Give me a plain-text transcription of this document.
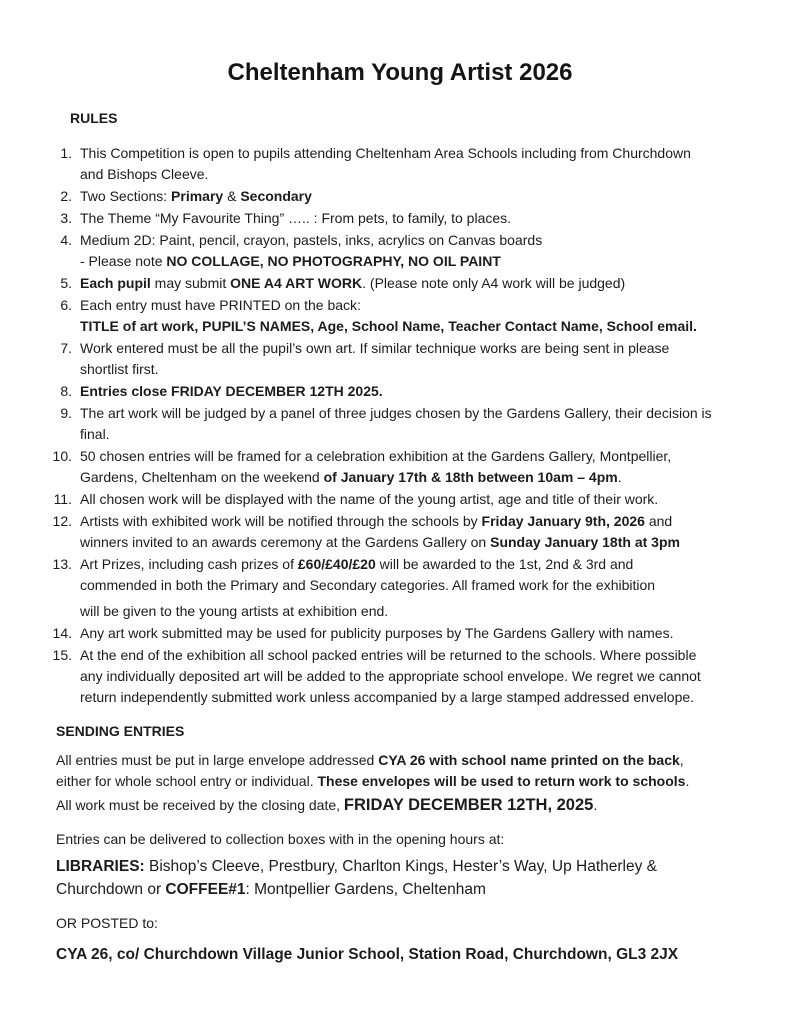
Cheltenham Young Artist 2026
RULES
1. This Competition is open to pupils attending Cheltenham Area Schools including from Churchdown
and Bishops Cleeve.
2. Two Sections: Primary & Secondary
3. The Theme “My Favourite Thing” ….. : From pets, to family, to places.
4. Medium 2D: Paint, pencil, crayon, pastels, inks, acrylics on Canvas boards
- Please note NO COLLAGE, NO PHOTOGRAPHY, NO OIL PAINT
5. Each pupil may submit ONE A4 ART WORK. (Please note only A4 work will be judged)
6. Each entry must have PRINTED on the back:
TITLE of art work, PUPIL’S NAMES, Age, School Name, Teacher Contact Name, School email.
7. Work entered must be all the pupil’s own art. If similar technique works are being sent in please
shortlist first.
8. Entries close FRIDAY DECEMBER 12TH 2025.
9. The art work will be judged by a panel of three judges chosen by the Gardens Gallery, their decision is
final.
10. 50 chosen entries will be framed for a celebration exhibition at the Gardens Gallery, Montpellier,
Gardens, Cheltenham on the weekend of January 17th & 18th between 10am – 4pm.
11. All chosen work will be displayed with the name of the young artist, age and title of their work.
12. Artists with exhibited work will be notified through the schools by Friday January 9th, 2026 and
winners invited to an awards ceremony at the Gardens Gallery on Sunday January 18th at 3pm
13. Art Prizes, including cash prizes of £60/£40/£20 will be awarded to the 1st, 2nd & 3rd and
commended in both the Primary and Secondary categories. All framed work for the exhibition
will be given to the young artists at exhibition end.
14. Any art work submitted may be used for publicity purposes by The Gardens Gallery with names.
15. At the end of the exhibition all school packed entries will be returned to the schools. Where possible
any individually deposited art will be added to the appropriate school envelope. We regret we cannot
return independently submitted work unless accompanied by a large stamped addressed envelope.
SENDING ENTRIES
All entries must be put in large envelope addressed CYA 26 with school name printed on the back,
either for whole school entry or individual. These envelopes will be used to return work to schools.
All work must be received by the closing date, FRIDAY DECEMBER 12TH, 2025.
Entries can be delivered to collection boxes with in the opening hours at:
LIBRARIES: Bishop’s Cleeve, Prestbury, Charlton Kings, Hester’s Way, Up Hatherley &
Churchdown or COFFEE#1: Montpellier Gardens, Cheltenham
OR POSTED to:
CYA 26, co/ Churchdown Village Junior School, Station Road, Churchdown, GL3 2JX
